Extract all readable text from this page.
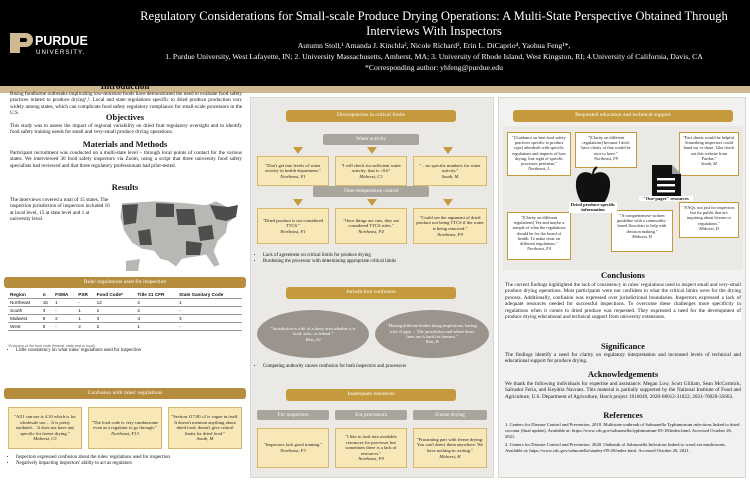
PURDUE
UNIVERSITY.
Regulatory Considerations for Small-scale Produce Drying Operations: A Multi-State Perspective Obtained Through Interviews With Inspectors
Autumn Stoll,¹ Amanda J. Kinchla², Nicole Richard², Erin L. DiCaprio⁴, Yaohua Feng¹*,
1. Purdue University, West Lafayette, IN; 2. University Massachusetts, Amherst, MA; 3. University of Rhode Island, West Kingston, RI; 4.University of California, Davis, CA
*Corresponding author: yhfeng@purdue.edu
Introduction
Rising foodborne outbreaks implicating low-moisture foods have demonstrated the need to evaluate food safety practices related to produce drying¹,². Local and state regulations specific to dried produce production vary widely among states, which can complicate food safety regulatory compliance for small-scale processors in the U.S.	Objectives
This study was to assess the impact of regional variability on dried fruit regulatory oversight and to identify food safety training needs for small and very-small produce drying operations.
Materials and Methods
Participant recruitment was conducted on a multi-state level – through local points of contact for the various states. We interviewed 30 food safety inspectors via Zoom, using a script that three university food safety specialists had reviewed and that three regulatory professionals had pilot-tested.
Results
The interviews covered a total of 15 states. The inspection jurisdiction of inspectors included 16 at local level, 15 at state level and 1 at university level.
Rule/ regulations used for inspection
Region	n	FSMA	PSR	Food Code*	Title 21 CFR	State Sanitary Code
Northeast	15	1	-	12	2	1
South	3	-	1	1	2	-
Midwest	9	2	1	3	4	3
West	5	-	2	2	1	-
*A version of the food code (federal, state and or local)
• Little consistency on what rules/ regulations used for inspection
Confusion with rules/ regulations
"All I can use is 4.10 which is for wholesale use… It is pretty outdated… It does not have any specific for freeze drying."
Midwest, C3
"The food code is very cumbersome even as a regulator to go through."
Northeast, F13
"Section 117.80 c2 is vague in itself. It doesn't mention anything about dried food, doesn't give critical limits for dried food."
South, M
• Inspectors expressed confusion about the rules/ regulations used for inspection
• Negatively impacting inspectors' ability to act as regulators
Discrepancies in critical limits
Water activity
"Don't get into levels of water activity in health department."
Northeast, F1
"I will check for sufficient water activity; that is <0.6"
Midwest, C3
"…no specific numbers for water activity."
South, M
Time-temperature control
"Dried produce is not considered TTCS."
Northeast, F1
"Once things are cuts, they are considered TTCS rules."
Northeast, F4
"Could see the argument of dried produce not being TTCS if the water is being removed."
Northeast, F9
• Lack of agreement on critical limits for produce drying
• Burdening the processor with determining appropriate critical limits
Jurisdiction confusion
"Jurisdiction is a bit of a fuzzy area whether it is local, state, or federal."
West, A2
"Having different bodies doing inspections, having a lot of gaps …The jurisdiction and where those lines are is hard for farmers."
West, B
• Competing authority causes confusion for both inspectors and processors
Inadequate resources
For inspectors	For processors	Freeze drying
"Inspectors lack good training."
Northeast, F3
"I like to look into available resources for processor but sometimes there is a lack of resources."
Northeast, F9
"Frustrating part with freeze drying: You can't direct them anywhere. We have nothing in writing."
Midwest, H
Requested education and technical support
"[Guidance on best food safety practices specific to product type] afterdeals with specific regulations and impacts of how drying, line sight of specific processes pertinent."
Northeast, L
"[Clarity on different regulations] because I don't have clarity of that would be nice to have."
Northeast, F9
"[Clarity on different regulations] Yes and maybe a sample of what the regulations should be for the board of health. To make clear on different regulations."
Northeast, F4
"A comprehensive written guideline with a commodity-based flowchart to help with decision making."
Midwest, H
"Fact sheets would be helpful. Something inspectors could hand out or share. Like check out this website from Purdue."
South, M
"FAQs, not just for inspectors but for public that are inquiring about license or regulations."
Midwest, D
Dried produce-specific information
"One-pager" resources
Conclusions
The current findings highlighted the lack of consistency in rules/ regulations used to inspect small and very-small produce drying operations. Most participants were not confident in what the critical limits were for the drying process. Additionally, confusion was expressed over jurisdictional boundaries. Inspectors expressed a lack of adequate resources needed for successful inspections. To overcome these challenges more specificity in regulations when it comes to dried produce was requested. They expressed a need for the development of produce drying educational and technical support from university extensions.
Significance
The findings identify a need for clarity on regulatory interpretation and increased levels of technical and educational support for produce drying.
Acknowledgements
We thank the following individuals for expertise and assistance: Megan Low, Scott Gilliam, Sean McCormick, Salvador Feria, and Keydria Navraez. This material is partially supported by the National Institute of Food and Agriculture, U.S. Department of Agriculture, Hatch project 1016049, 2020-68012-31822; 2021-70020-35663.
References
1. Centers for Disease Control and Prevention. 2018. Multistate outbreak of Salmonella Typhimurium infections linked to dried coconut (final update). Available at: https://www.cdc.gov/salmonella/typhimurium-03-18/index.html. Accessed October 26, 2021.
2. Centers for Disease Control and Prevention. 2020. Outbreak of Salmonella Infections linked to wood ear mushrooms. Available at: https://www.cdc.gov/salmonella/stanley-09-20/index.html. Accessed October 26, 2021.
